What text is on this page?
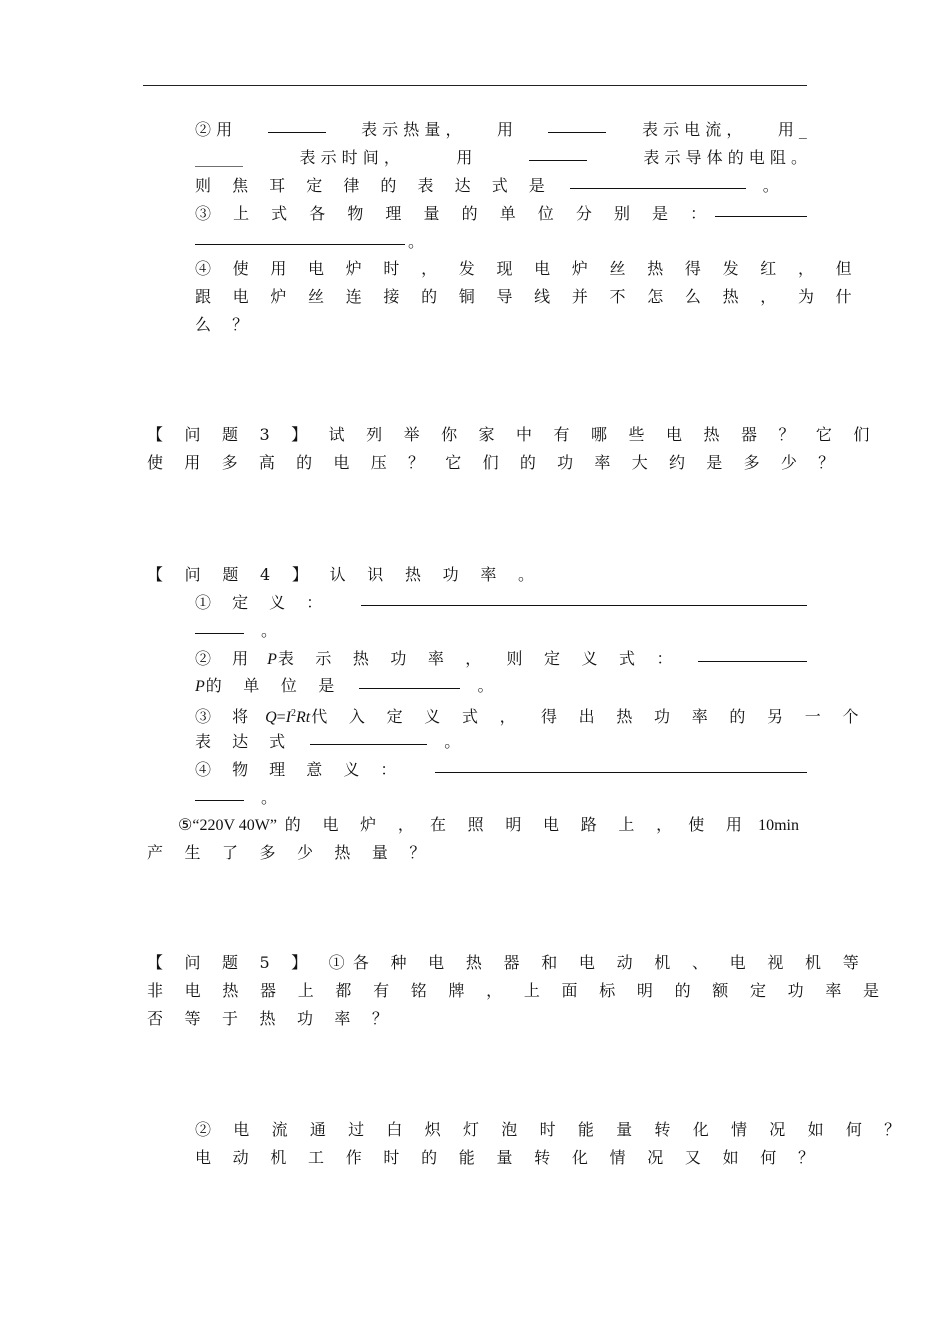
② 用	表 示 热 量 ， 用	表 示 电 流 ， 用 _
______	表 示 时 间 ，	用	表 示 导 体 的 电 阻 。
则 焦 耳 定 律 的 表 达 式 是	。
③ 上 式 各 物 理 量 的 单 位 分 别 是 ：
。
④ 使 用 电 炉 时 ， 发 现 电 炉 丝 热 得 发 红 ， 但
跟 电 炉 丝 连 接 的 铜 导 线 并 不 怎 么 热 ， 为 什
么 ？
【 问 题 3 】 试 列 举 你 家 中 有 哪 些 电 热 器 ？ 它 们
使 用 多 高 的 电 压 ？ 它 们 的 功 率 大 约 是 多 少 ？
【 问 题 4 】 认 识 热 功 率 。
① 定 义 ：
。
② 用 P 表 示 热 功 率 ， 则 定 义 式 ：
P 的 单 位 是	。
③ 将 $Q=I^2Rt$ 代 入 定 义 式 ， 得 出 热 功 率 的 另 一 个
表 达 式	。
④ 物 理 意 义 ：
。
⑤“220V 40W” 的 电 炉 ， 在 照 明 电 路 上 ， 使 用 10min
产 生 了 多 少 热 量 ？
【 问 题 5 】 ① 各 种 电 热 器 和 电 动 机 、 电 视 机 等
非 电 热 器 上 都 有 铭 牌 ， 上 面 标 明 的 额 定 功 率 是
否 等 于 热 功 率 ？
② 电 流 通 过 白 炽 灯 泡 时 能 量 转 化 情 况 如 何 ？
电 动 机 工 作 时 的 能 量 转 化 情 况 又 如 何 ？
